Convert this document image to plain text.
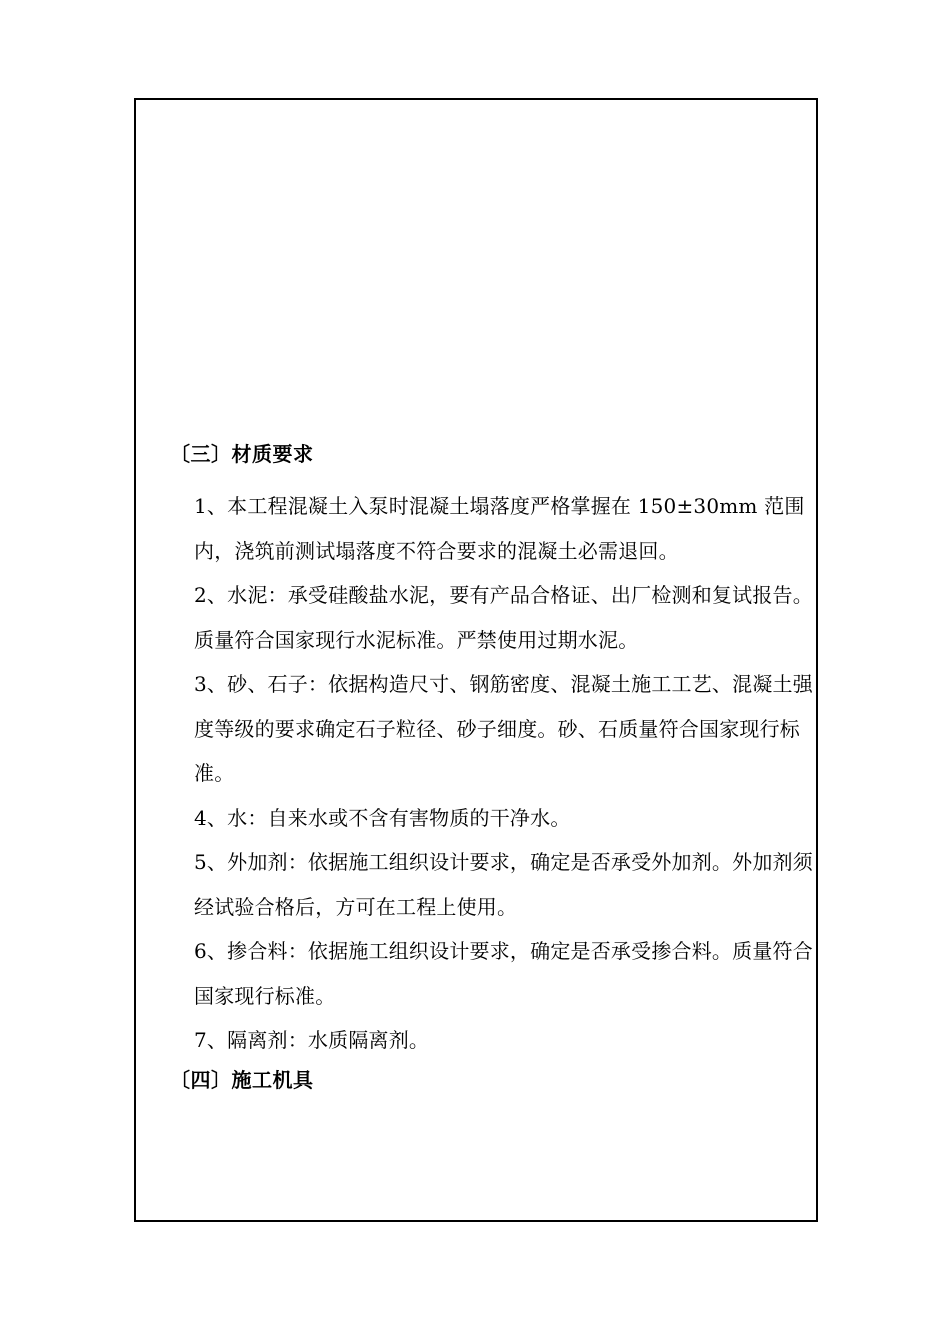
〔三〕材质要求

1、本工程混凝土入泵时混凝土塌落度严格掌握在 150±30mm 范围内，浇筑前测试塌落度不符合要求的混凝土必需退回。

2、水泥：承受硅酸盐水泥，要有产品合格证、出厂检测和复试报告。质量符合国家现行水泥标准。严禁使用过期水泥。

3、砂、石子：依据构造尺寸、钢筋密度、混凝土施工工艺、混凝土强度等级的要求确定石子粒径、砂子细度。砂、石质量符合国家现行标准。

4、水：自来水或不含有害物质的干净水。

5、外加剂：依据施工组织设计要求，确定是否承受外加剂。外加剂须经试验合格后，方可在工程上使用。

6、掺合料：依据施工组织设计要求，确定是否承受掺合料。质量符合国家现行标准。

7、隔离剂：水质隔离剂。

〔四〕施工机具
